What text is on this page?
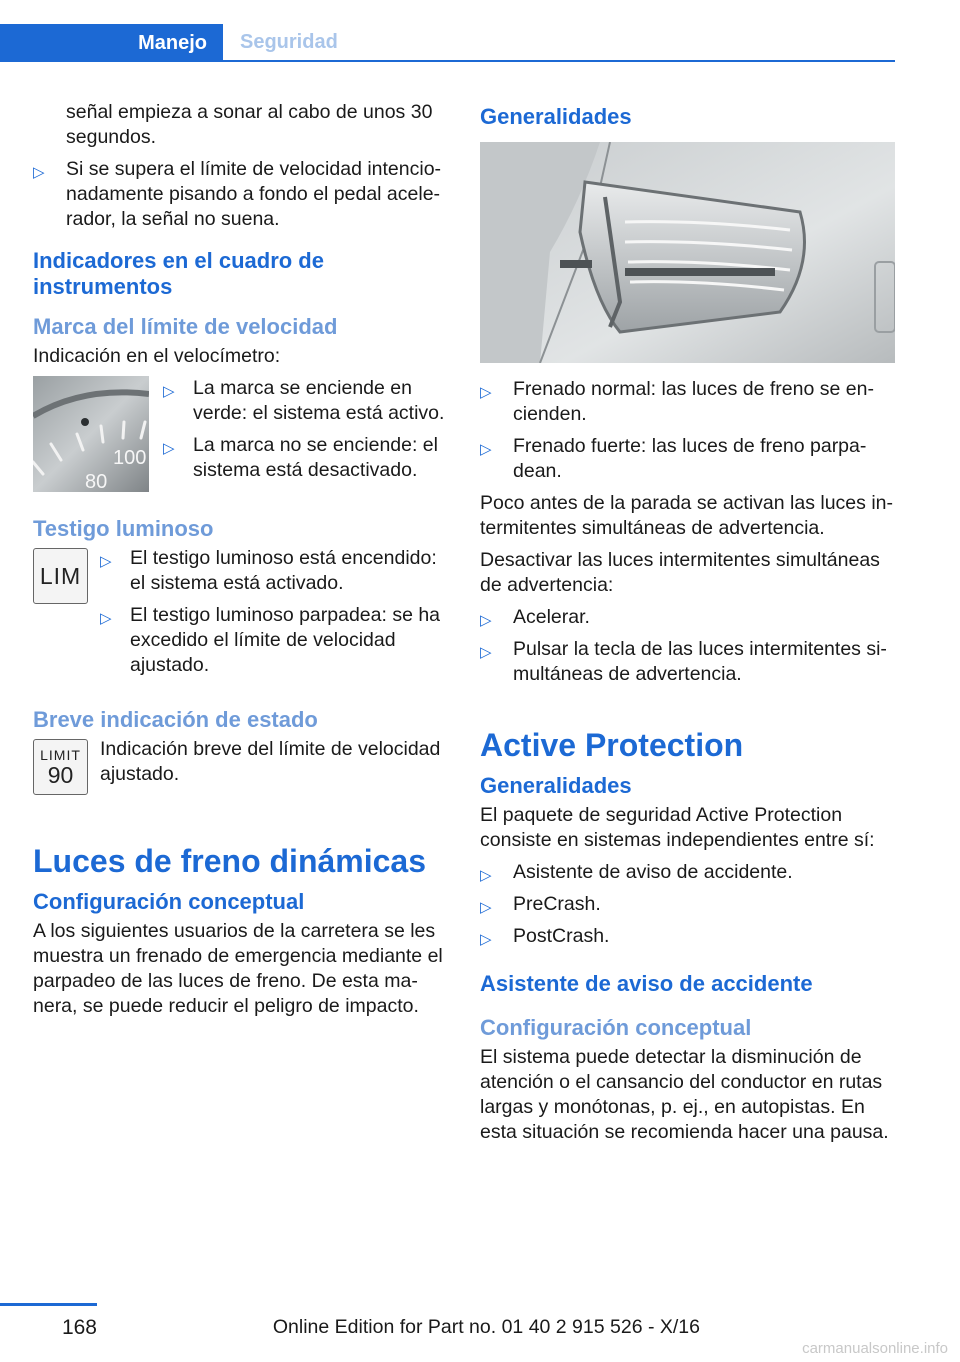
Manejo Seguridad

señal empieza a sonar al cabo de unos 30 segundos.

▷ Si se supera el límite de velocidad intencionadamente pisando a fondo el pedal acelerador, la señal no suena.
Indicadores en el cuadro de instrumentos
Marca del límite de velocidad

Indicación en el velocímetro:

100
80
▷ La marca se enciende en verde: el sistema está activo.
▷ La marca no se enciende: el sistema está desactivado.
Testigo luminoso
LIM
▷ El testigo luminoso está encendido: el sistema está activado.
▷ El testigo luminoso parpadea: se ha excedido el límite de velocidad ajustado.
Breve indicación de estado
LIMIT
90

Indicación breve del límite de velocidad ajustado.

Luces de freno dinámicas
Configuración conceptual

A los siguientes usuarios de la carretera se les muestra un frenado de emergencia mediante el parpadeo de las luces de freno. De esta manera, se puede reducir el peligro de impacto.

Generalidades
▷ Frenado normal: las luces de freno se encienden.
▷ Frenado fuerte: las luces de freno parpadean.

Poco antes de la parada se activan las luces intermitentes simultáneas de advertencia.

Desactivar las luces intermitentes simultáneas de advertencia:

▷ Acelerar.
▷ Pulsar la tecla de las luces intermitentes simultáneas de advertencia.
Active Protection
Generalidades

El paquete de seguridad Active Protection consiste en sistemas independientes entre sí:

▷ Asistente de aviso de accidente.
▷ PreCrash.
▷ PostCrash.
Asistente de aviso de accidente
Configuración conceptual

El sistema puede detectar la disminución de atención o el cansancio del conductor en rutas largas y monótonas, p. ej., en autopistas. En esta situación se recomienda hacer una pausa.

168	Online Edition for Part no. 01 40 2 915 526 - X/16
carmanualsonline.info
